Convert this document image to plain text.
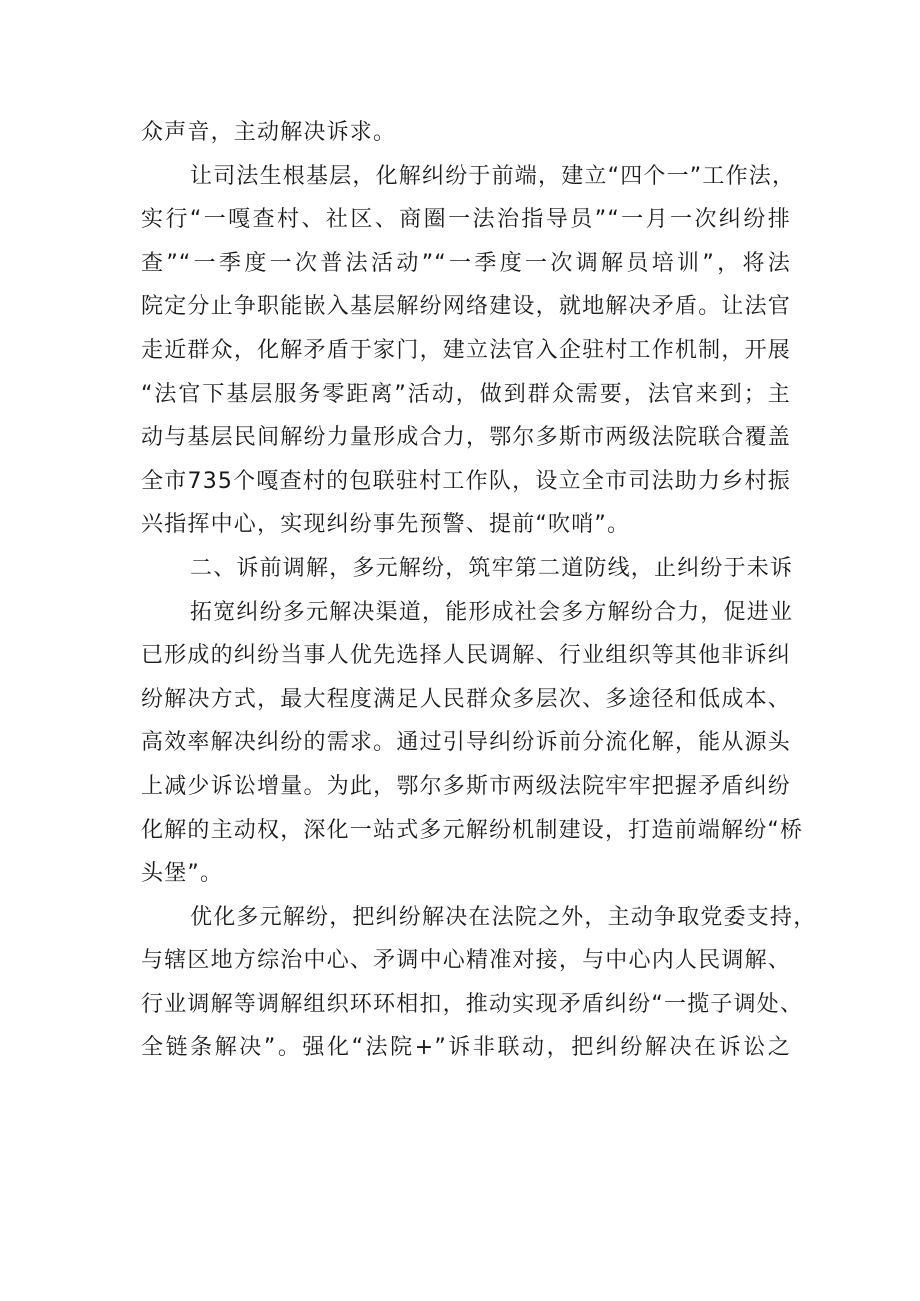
众声音，主动解决诉求。
让司法生根基层，化解纠纷于前端，建立“四个一”工作法，
实行“一嘎查村、社区、商圈一法治指导员”“一月一次纠纷排
查”“一季度一次普法活动”“一季度一次调解员培训”，将法
院定分止争职能嵌入基层解纷网络建设，就地解决矛盾。让法官
走近群众，化解矛盾于家门，建立法官入企驻村工作机制，开展
“法官下基层服务零距离”活动，做到群众需要，法官来到；主
动与基层民间解纷力量形成合力，鄂尔多斯市两级法院联合覆盖
全市735个嘎查村的包联驻村工作队，设立全市司法助力乡村振
兴指挥中心，实现纠纷事先预警、提前“吹哨”。
二、诉前调解，多元解纷，筑牢第二道防线，止纠纷于未诉
拓宽纠纷多元解决渠道，能形成社会多方解纷合力，促进业
已形成的纠纷当事人优先选择人民调解、行业组织等其他非诉纠
纷解决方式，最大程度满足人民群众多层次、多途径和低成本、
高效率解决纠纷的需求。通过引导纠纷诉前分流化解，能从源头
上减少诉讼增量。为此，鄂尔多斯市两级法院牢牢把握矛盾纠纷
化解的主动权，深化一站式多元解纷机制建设，打造前端解纷“桥
头堡”。
优化多元解纷，把纠纷解决在法院之外，主动争取党委支持，
与辖区地方综治中心、矛调中心精准对接，与中心内人民调解、
行业调解等调解组织环环相扣，推动实现矛盾纠纷“一揽子调处、
全链条解决”。强化“法院+”诉非联动，把纠纷解决在诉讼之
